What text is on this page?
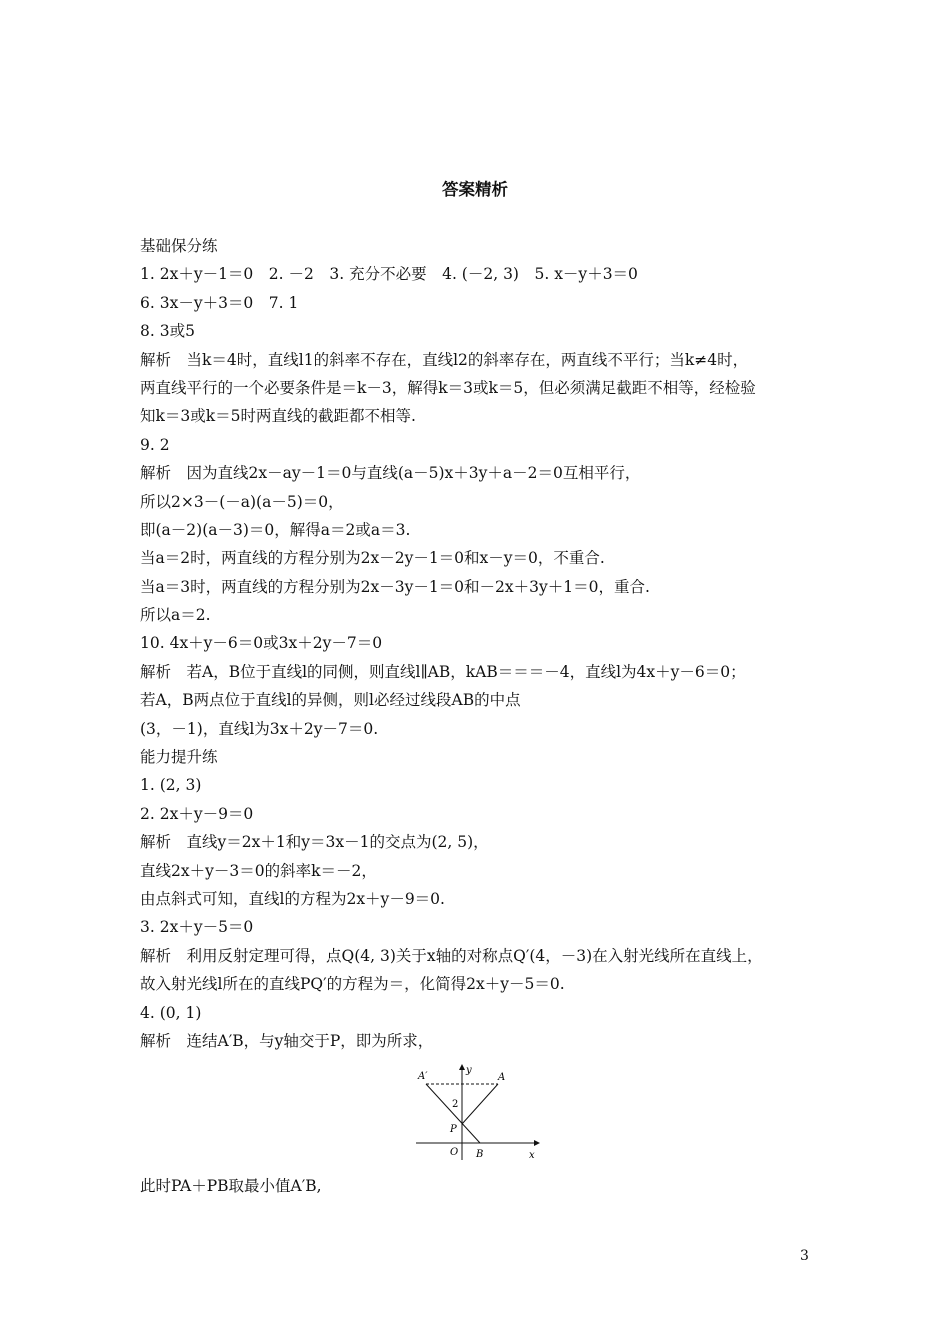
答案精析
基础保分练
1. 2x＋y－1＝0　2. －2　3. 充分不必要　4. (－2, 3)　5. x－y＋3＝0
6. 3x－y＋3＝0　7. 1
8. 3或5
解析　当k＝4时，直线l1的斜率不存在，直线l2的斜率存在，两直线不平行；当k≠4时，
两直线平行的一个必要条件是＝k－3，解得k＝3或k＝5，但必须满足截距不相等，经检验
知k＝3或k＝5时两直线的截距都不相等.
9. 2
解析　因为直线2x－ay－1＝0与直线(a－5)x＋3y＋a－2＝0互相平行，
所以2×3－(－a)(a－5)＝0，
即(a－2)(a－3)＝0，解得a＝2或a＝3.
当a＝2时，两直线的方程分别为2x－2y－1＝0和x－y＝0，不重合.
当a＝3时，两直线的方程分别为2x－3y－1＝0和－2x＋3y＋1＝0，重合.
所以a＝2.
10. 4x＋y－6＝0或3x＋2y－7＝0
解析　若A，B位于直线l的同侧，则直线l∥AB，kAB＝＝＝－4，直线l为4x＋y－6＝0；
若A，B两点位于直线l的异侧，则l必经过线段AB的中点
(3，－1)，直线l为3x＋2y－7＝0.
能力提升练
1. (2, 3)
2. 2x＋y－9＝0
解析　直线y＝2x＋1和y＝3x－1的交点为(2, 5)，
直线2x＋y－3＝0的斜率k＝－2，
由点斜式可知，直线l的方程为2x＋y－9＝0.
3. 2x＋y－5＝0
解析　利用反射定理可得，点Q(4, 3)关于x轴的对称点Q′(4，－3)在入射光线所在直线上，
故入射光线l所在的直线PQ′的方程为＝，化简得2x＋y－5＝0.
4. (0, 1)
解析　连结A′B，与y轴交于P，即为所求，
A′	A
y
x
2
P
O B
此时PA＋PB取最小值A′B,
3
